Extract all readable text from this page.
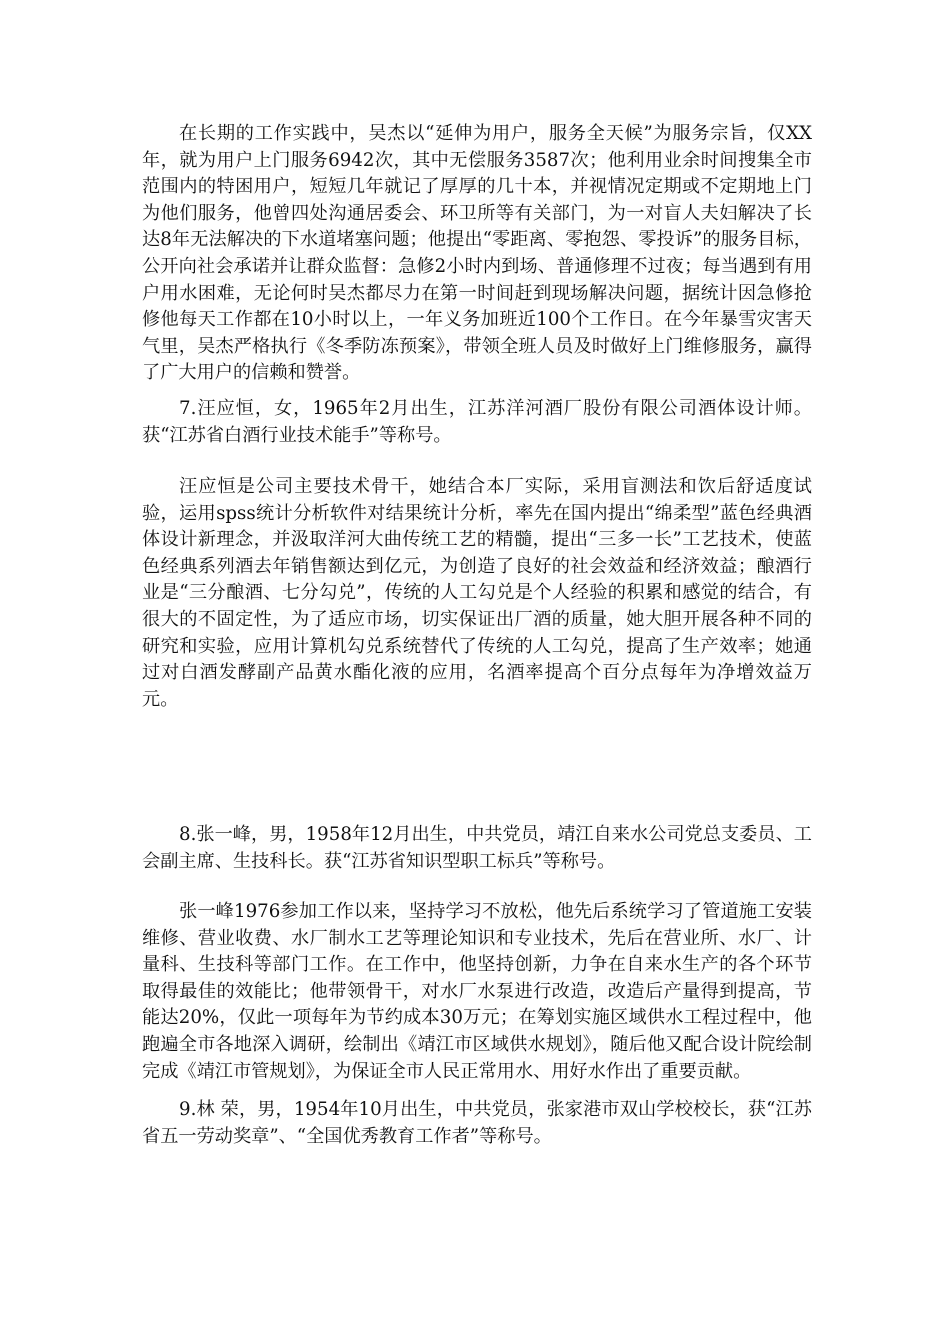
在长期的工作实践中，吴杰以“延伸为用户，服务全天候”为服务宗旨，仅XX年，就为用户上门服务6942次，其中无偿服务3587次；他利用业余时间搜集全市范围内的特困用户，短短几年就记了厚厚的几十本，并视情况定期或不定期地上门为他们服务，他曾四处沟通居委会、环卫所等有关部门，为一对盲人夫妇解决了长达8年无法解决的下水道堵塞问题；他提出“零距离、零抱怨、零投诉”的服务目标，公开向社会承诺并让群众监督：急修2小时内到场、普通修理不过夜；每当遇到有用户用水困难，无论何时吴杰都尽力在第一时间赶到现场解决问题，据统计因急修抢修他每天工作都在10小时以上，一年义务加班近100个工作日。在今年暴雪灾害天气里，吴杰严格执行《冬季防冻预案》，带领全班人员及时做好上门维修服务，赢得了广大用户的信赖和赞誉。

7.汪应恒，女，1965年2月出生，江苏洋河酒厂股份有限公司酒体设计师。获“江苏省白酒行业技术能手”等称号。

汪应恒是公司主要技术骨干，她结合本厂实际，采用盲测法和饮后舒适度试验，运用spss统计分析软件对结果统计分析，率先在国内提出“绵柔型”蓝色经典酒体设计新理念，并汲取洋河大曲传统工艺的精髓，提出“三多一长”工艺技术，使蓝色经典系列酒去年销售额达到亿元，为创造了良好的社会效益和经济效益；酿酒行业是“三分酿酒、七分勾兑”，传统的人工勾兑是个人经验的积累和感觉的结合，有很大的不固定性，为了适应市场，切实保证出厂酒的质量，她大胆开展各种不同的研究和实验，应用计算机勾兑系统替代了传统的人工勾兑，提高了生产效率；她通过对白酒发酵副产品黄水酯化液的应用，名酒率提高个百分点每年为净增效益万元。

8.张一峰，男，1958年12月出生，中共党员，靖江自来水公司党总支委员、工会副主席、生技科长。获“江苏省知识型职工标兵”等称号。

张一峰1976参加工作以来，坚持学习不放松，他先后系统学习了管道施工安装维修、营业收费、水厂制水工艺等理论知识和专业技术，先后在营业所、水厂、计量科、生技科等部门工作。在工作中，他坚持创新，力争在自来水生产的各个环节取得最佳的效能比；他带领骨干，对水厂水泵进行改造，改造后产量得到提高，节能达20%，仅此一项每年为节约成本30万元；在筹划实施区域供水工程过程中，他跑遍全市各地深入调研，绘制出《靖江市区域供水规划》，随后他又配合设计院绘制完成《靖江市管规划》，为保证全市人民正常用水、用好水作出了重要贡献。

9.林 荣，男，1954年10月出生，中共党员，张家港市双山学校校长，获“江苏省五一劳动奖章”、“全国优秀教育工作者”等称号。
